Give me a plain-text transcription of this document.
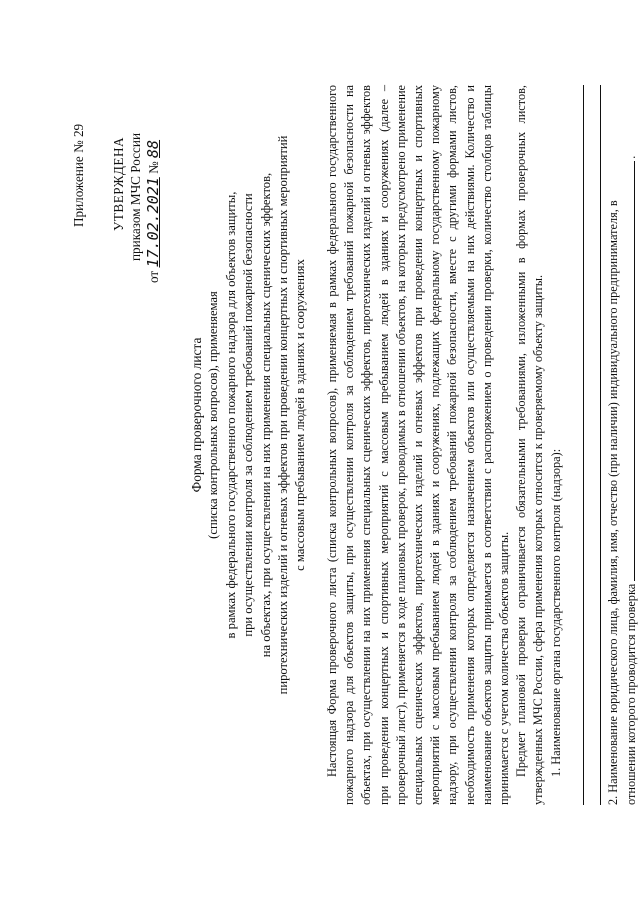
Приложение № 29 УТВЕРЖДЕНА приказом МЧС России
от 17.02.2021 № 88
Форма проверочного листа (списка контрольных вопросов), применяемая в рамках федерального государственного пожарного надзора для объектов защиты, при осуществлении контроля за соблюдением требований пожарной безопасности на объектах, при осуществлении на них применения специальных сценических эффектов, пиротехнических изделий и огневых эффектов при проведении концертных и спортивных мероприятий с массовым пребыванием людей в зданиях и сооружениях Настоящая Форма проверочного листа (списка контрольных вопросов), применяемая в рамках федерального государственного пожарного надзора для объектов защиты, при осуществлении контроля за соблюдением требований пожарной безопасности на объектах, при осуществлении на них применения специальных сценических эффектов, пиротехнических изделий и огневых эффектов при проведении концертных и спортивных мероприятий с массовым пребыванием людей в зданиях и сооружениях (далее – проверочный лист), применяется в ходе плановых проверок, проводимых в отношении объектов, на которых предусмотрено применение специальных сценических эффектов, пиротехнических изделий и огневых эффектов при проведении концертных и спортивных мероприятий с массовым пребыванием людей в зданиях и сооружениях, подлежащих федеральному государственному пожарному надзору, при осуществлении контроля за соблюдением требований пожарной безопасности, вместе с другими формами листов, необходимость применения которых определяется назначением объектов или осуществляемыми на них действиями. Количество и наименование объектов защиты принимается в соответствии с распоряжением о проведении проверки, количество столбцов таблицы принимается с учетом количества объектов защиты. Предмет плановой проверки ограничивается обязательными требованиями, изложенными в формах проверочных листов, утвержденных МЧС России, сфера применения которых относится к проверяемому объекту защиты. 1. Наименование органа государственного контроля (надзора):	2. Наименование юридического лица, фамилия, имя, отчество (при наличии) индивидуального предпринимателя, в отношении которого проводится проверка .
